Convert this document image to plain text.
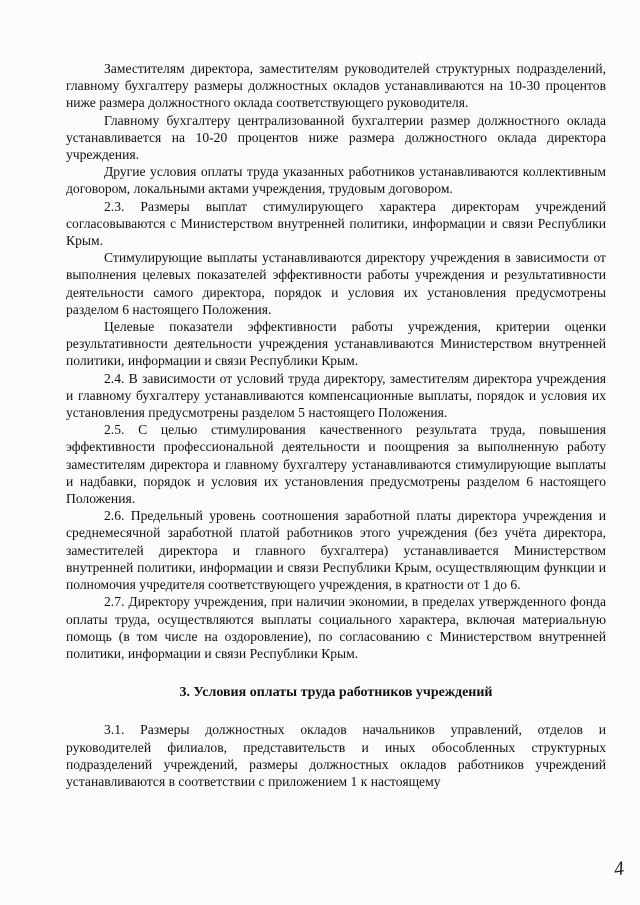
Заместителям директора, заместителям руководителей структурных подразделений, главному бухгалтеру размеры должностных окладов устанавливаются на 10-30 процентов ниже размера должностного оклада соответствующего руководителя.

Главному бухгалтеру централизованной бухгалтерии размер должностного оклада устанавливается на 10-20 процентов ниже размера должностного оклада директора учреждения.

Другие условия оплаты труда указанных работников устанавливаются коллективным договором, локальными актами учреждения, трудовым договором.

2.3. Размеры выплат стимулирующего характера директорам учреждений согласовываются с Министерством внутренней политики, информации и связи Республики Крым.

Стимулирующие выплаты устанавливаются директору учреждения в зависимости от выполнения целевых показателей эффективности работы учреждения и результативности деятельности самого директора, порядок и условия их установления предусмотрены разделом 6 настоящего Положения.

Целевые показатели эффективности работы учреждения, критерии оценки результативности деятельности учреждения устанавливаются Министерством внутренней политики, информации и связи Республики Крым.

2.4. В зависимости от условий труда директору, заместителям директора учреждения и главному бухгалтеру устанавливаются компенсационные выплаты, порядок и условия их установления предусмотрены разделом 5 настоящего Положения.

2.5. С целью стимулирования качественного результата труда, повышения эффективности профессиональной деятельности и поощрения за выполненную работу заместителям директора и главному бухгалтеру устанавливаются стимулирующие выплаты и надбавки, порядок и условия их установления предусмотрены разделом 6 настоящего Положения.

2.6. Предельный уровень соотношения заработной платы директора учреждения и среднемесячной заработной платой работников этого учреждения (без учёта директора, заместителей директора и главного бухгалтера) устанавливается Министерством внутренней политики, информации и связи Республики Крым, осуществляющим функции и полномочия учредителя соответствующего учреждения, в кратности от 1 до 6.

2.7. Директору учреждения, при наличии экономии, в пределах утвержденного фонда оплаты труда, осуществляются выплаты социального характера, включая материальную помощь (в том числе на оздоровление), по согласованию с Министерством внутренней политики, информации и связи Республики Крым.

3. Условия оплаты труда работников учреждений

3.1. Размеры должностных окладов начальников управлений, отделов и руководителей филиалов, представительств и иных обособленных структурных подразделений учреждений, размеры должностных окладов работников учреждений устанавливаются в соответствии с приложением 1 к настоящему

4
